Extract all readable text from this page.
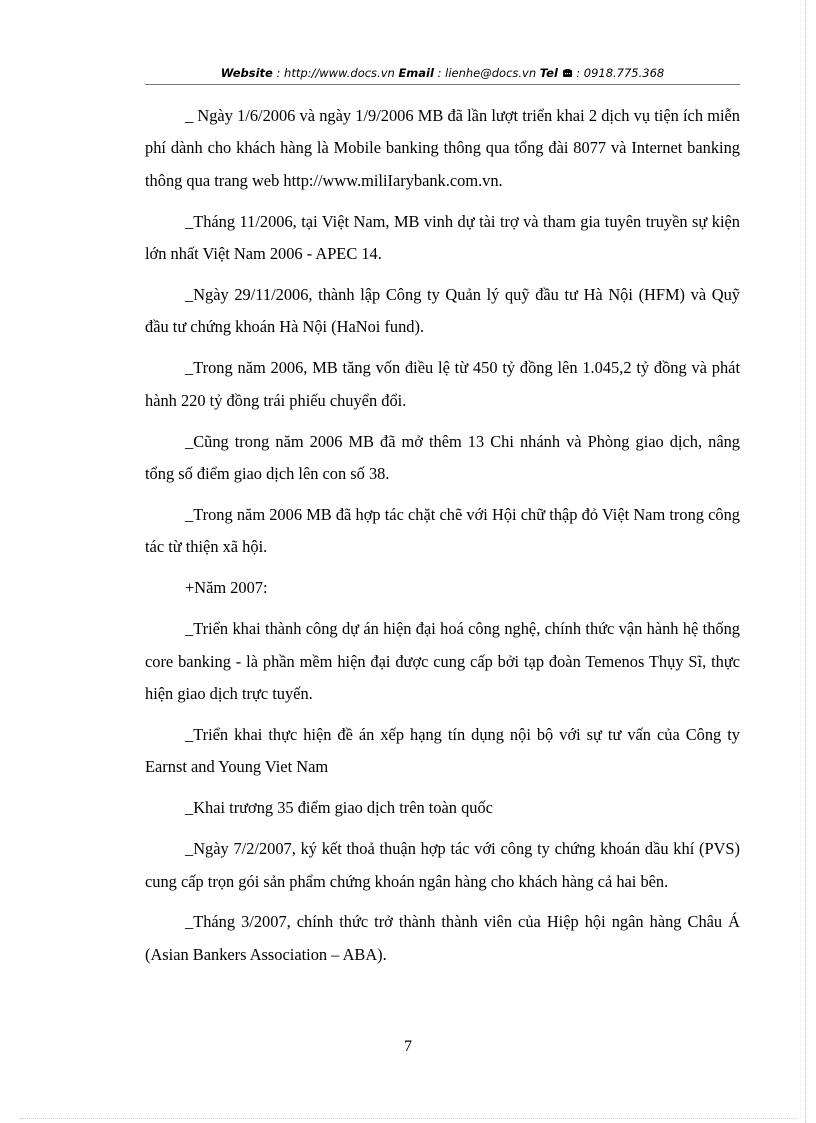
Website : http://www.docs.vn Email : lienhe@docs.vn Tel  : 0918.775.368

_ Ngày 1/6/2006 và ngày 1/9/2006 MB đã lần lượt triển khai 2 dịch vụ tiện ích miễn phí dành cho khách hàng là Mobile banking thông qua tổng đài 8077 và Internet banking thông qua trang web http://www.miliIarybank.com.vn.

_Tháng 11/2006, tại Việt Nam, MB vinh dự tài trợ và tham gia tuyên truyền sự kiện lớn nhất Việt Nam 2006 - APEC 14.

_Ngày 29/11/2006, thành lập Công ty Quản lý quỹ đầu tư Hà Nội (HFM) và Quỹ đầu tư chứng khoán Hà Nội (HaNoi fund).

_Trong năm 2006, MB tăng vốn điều lệ từ 450 tỷ đồng lên 1.045,2 tỷ đồng và phát hành 220 tỷ đồng trái phiếu chuyển đổi.

_Cũng trong năm 2006 MB đã mở thêm 13 Chi nhánh và Phòng giao dịch, nâng tổng số điểm giao dịch lên con số 38.

_Trong năm 2006 MB đã hợp tác chặt chẽ với Hội chữ thập đỏ Việt Nam trong công tác từ thiện xã hội.

+Năm 2007:

_Triển khai thành công dự án hiện đại hoá công nghệ, chính thức vận hành hệ thống core banking - là phần mềm hiện đại được cung cấp bởi tạp đoàn Temenos Thụy Sĩ, thực hiện giao dịch trực tuyến.

_Triển khai thực hiện đề án xếp hạng tín dụng nội bộ với sự tư vấn của Công ty Earnst and Young Viet Nam

_Khai trương 35 điểm giao dịch trên toàn quốc

_Ngày 7/2/2007, ký kết thoả thuận hợp tác với công ty chứng khoán dầu khí (PVS) cung cấp trọn gói sản phẩm chứng khoán ngân hàng cho khách hàng cả hai bên.

_Tháng 3/2007, chính thức trở thành thành viên của Hiệp hội ngân hàng Châu Á (Asian Bankers Association – ABA).

7
